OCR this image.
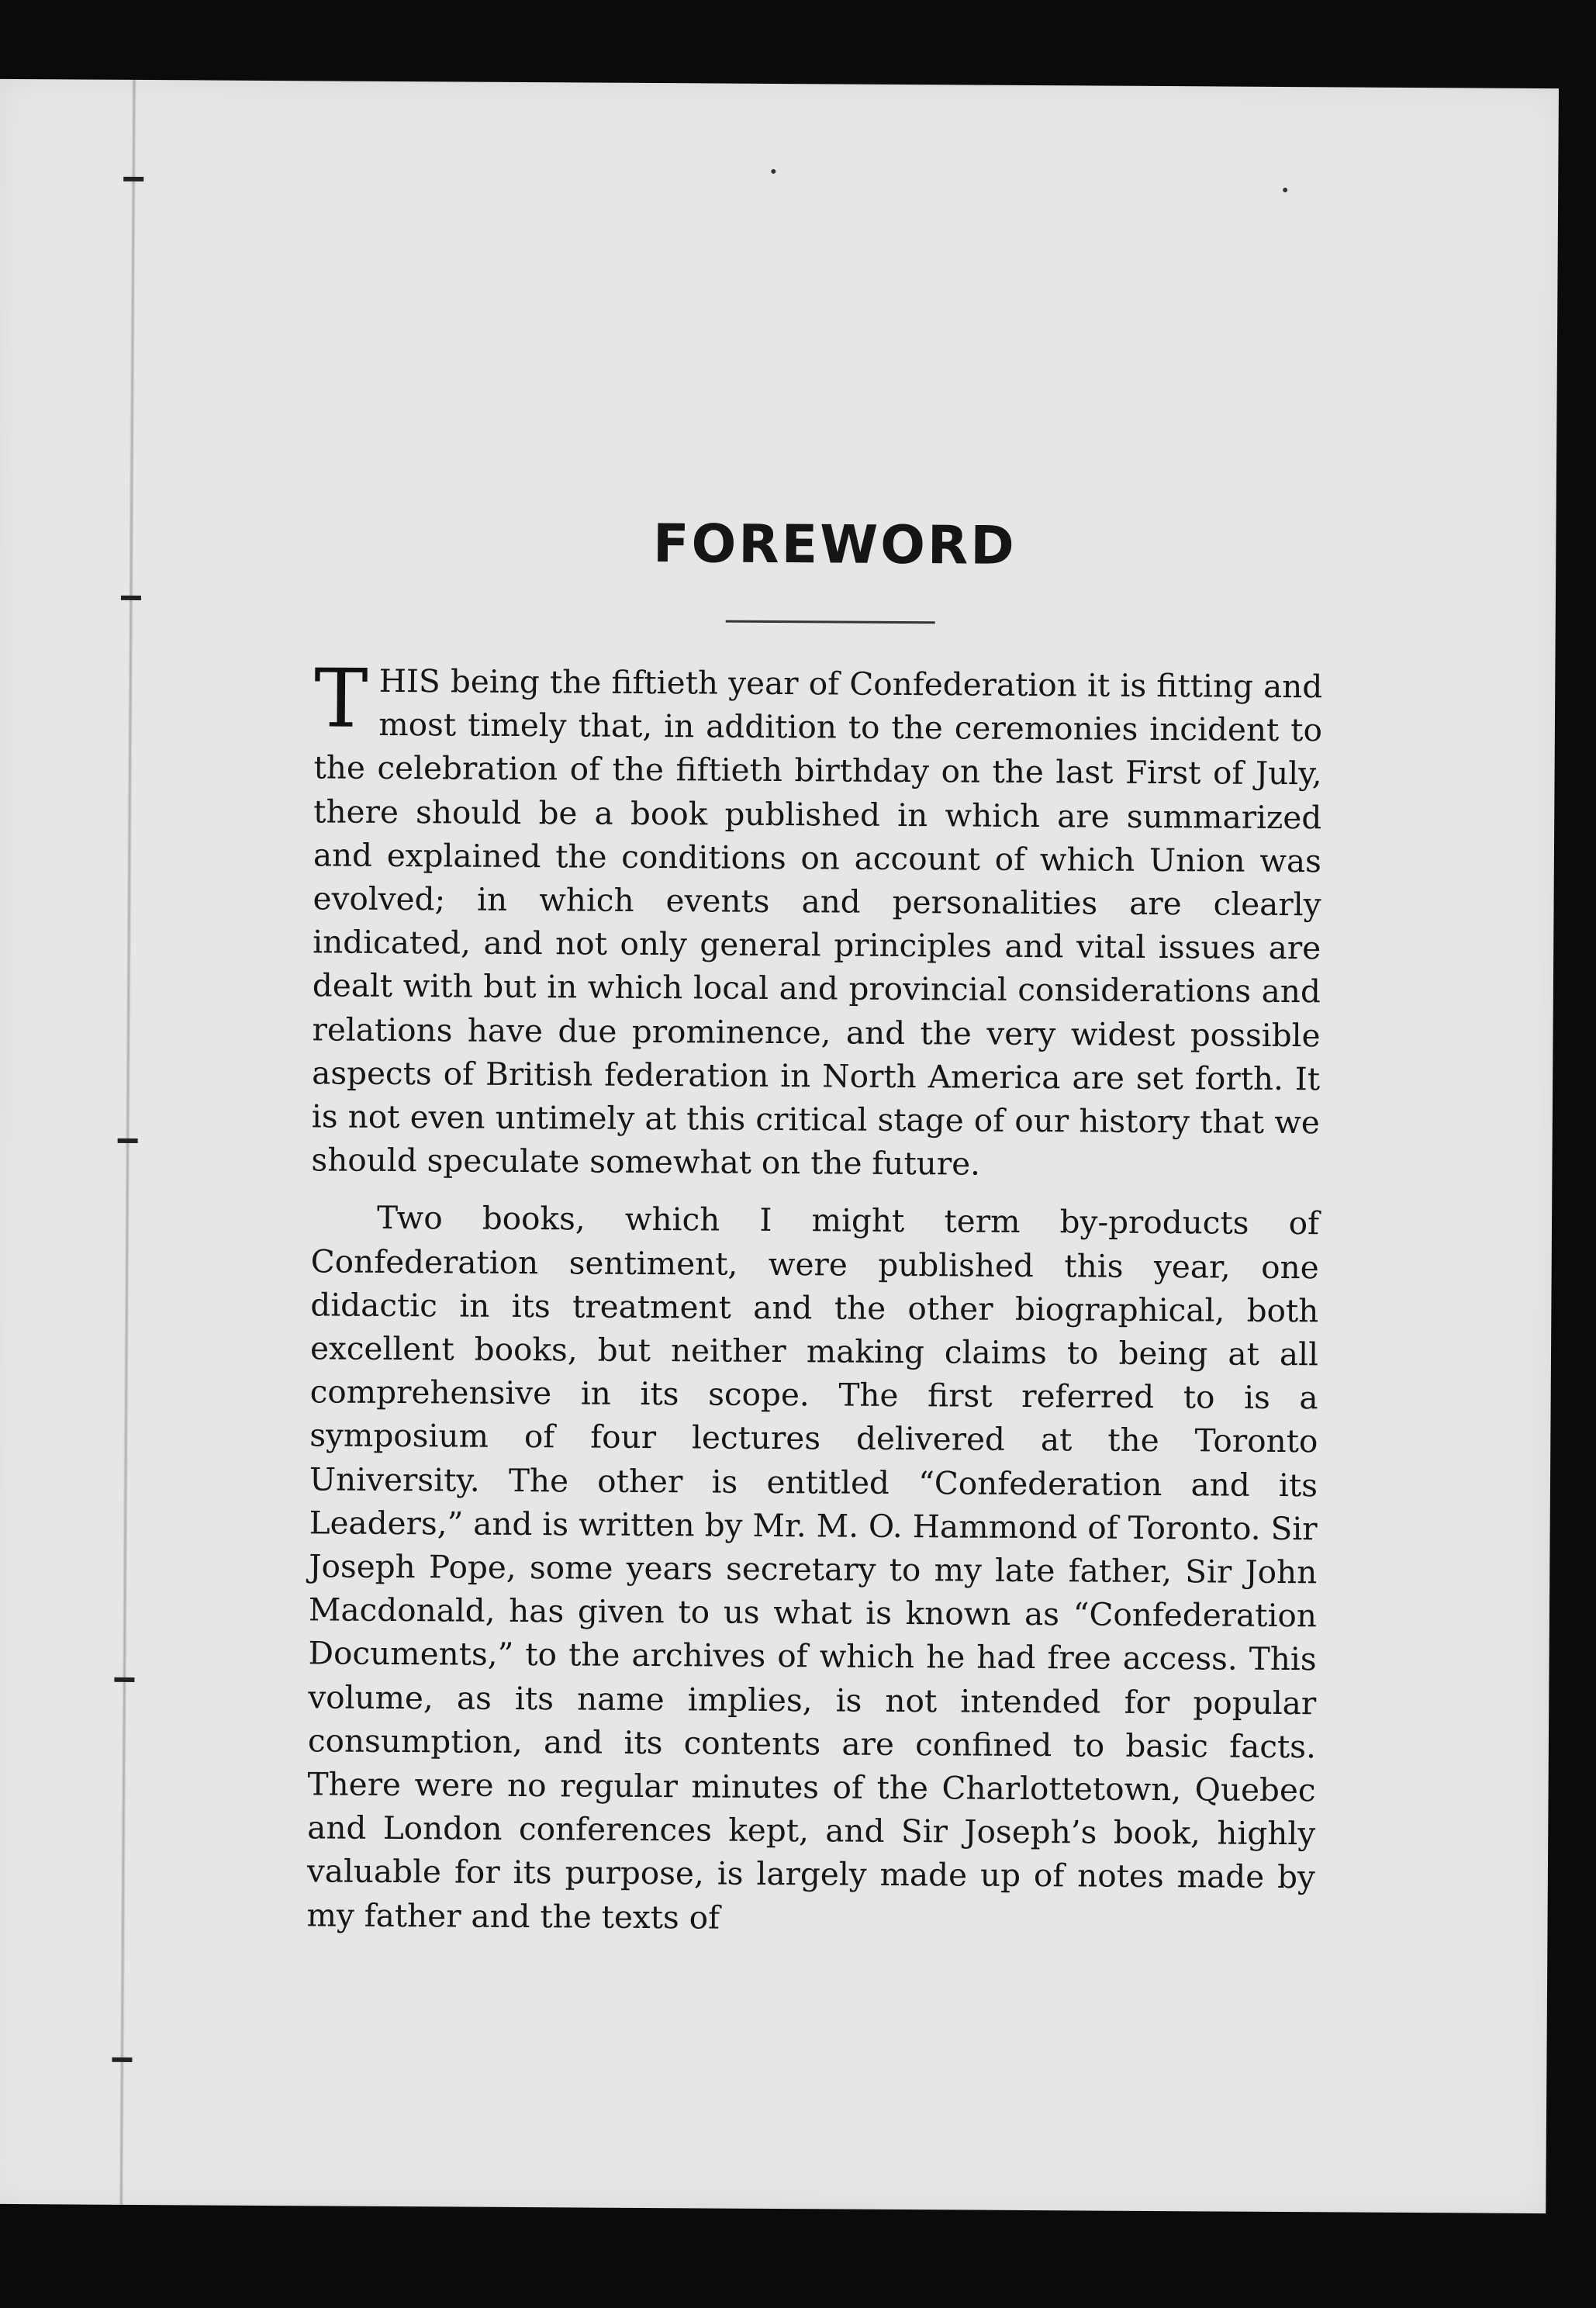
FOREWORD

THIS being the fiftieth year of Confederation it is fitting and most timely that, in addition to the ceremonies incident to the celebration of the fiftieth birthday on the last First of July, there should be a book published in which are summarized and explained the conditions on account of which Union was evolved; in which events and personalities are clearly indicated, and not only general principles and vital issues are dealt with but in which local and provincial considerations and relations have due prominence, and the very widest possible aspects of British federation in North America are set forth. It is not even untimely at this critical stage of our history that we should speculate somewhat on the future.

Two books, which I might term by-products of Confederation sentiment, were published this year, one didactic in its treatment and the other biographical, both excellent books, but neither making claims to being at all comprehensive in its scope. The first referred to is a symposium of four lectures delivered at the Toronto University. The other is entitled “Confederation and its Leaders,” and is written by Mr. M. O. Hammond of Toronto. Sir Joseph Pope, some years secretary to my late father, Sir John Macdonald, has given to us what is known as “Confederation Documents,” to the archives of which he had free access. This volume, as its name implies, is not intended for popular consumption, and its contents are confined to basic facts. There were no regular minutes of the Charlottetown, Quebec and London conferences kept, and Sir Joseph’s book, highly valuable for its purpose, is largely made up of notes made by my father and the texts of
